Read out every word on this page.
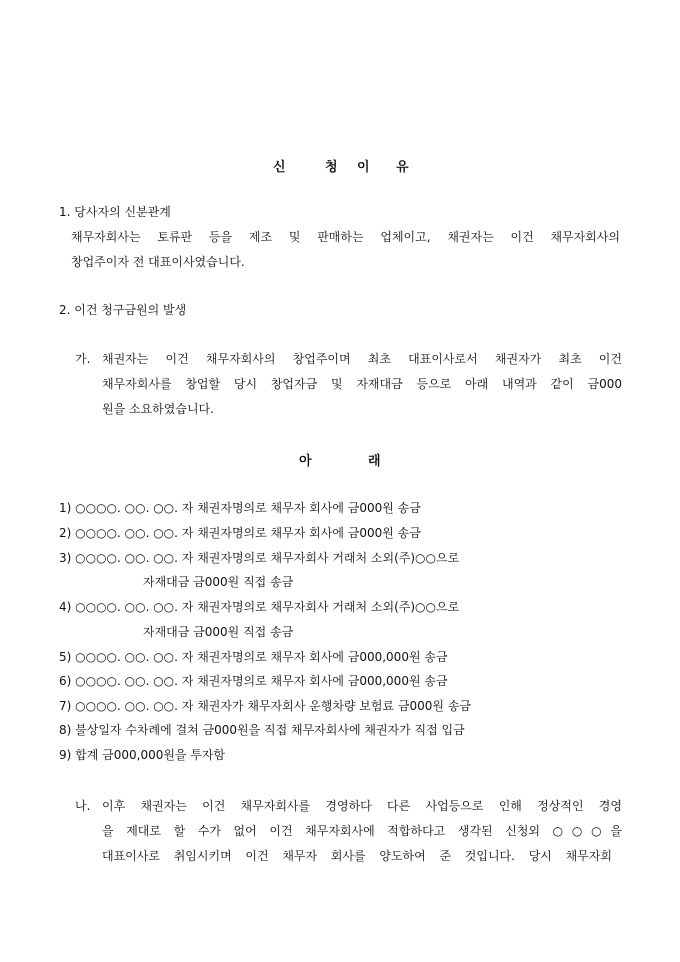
신	청 이 유
1. 당사자의 신분관계
채무자회사는 토류판 등을 제조 및 판매하는 업체이고, 채권자는 이건 채무자회사의
창업주이자 전 대표이사였습니다.
2. 이건 청구금원의 발생
가. 채권자는 이건 채무자회사의 창업주이며 최초 대표이사로서 채권자가 최초 이건
채무자회사를 창업할 당시 창업자금 및 자재대금 등으로 아래 내역과 같이 금000
원을 소요하였습니다.
아	래
1) ○○○○. ○○. ○○. 자 채권자명의로 채무자 회사에 금000원 송금
2) ○○○○. ○○. ○○. 자 채권자명의로 채무자 회사에 금000원 송금
3) ○○○○. ○○. ○○. 자 채권자명의로 채무자회사 거래처 소외(주)○○으로
자재대금 금000원 직접 송금
4) ○○○○. ○○. ○○. 자 채권자명의로 채무자회사 거래처 소외(주)○○으로
자재대금 금000원 직접 송금
5) ○○○○. ○○. ○○. 자 채권자명의로 채무자 회사에 금000,000원 송금
6) ○○○○. ○○. ○○. 자 채권자명의로 채무자 회사에 금000,000원 송금
7) ○○○○. ○○. ○○. 자 채권자가 채무자회사 운행차량 보험료 금000원 송금
8) 불상일자 수차례에 걸쳐 금000원을 직접 채무자회사에 채권자가 직접 입금
9) 합계 금000,000원을 투자함
나. 이후 채권자는 이건 채무자회사를 경영하다 다른 사업등으로 인해 정상적인 경영
을 제대로 할 수가 없어 이건 채무자회사에 적합하다고 생각된 신청외 ○○○을
대표이사로 취임시키며 이건 채무자 회사를 양도하여 준 것입니다. 당시 채무자회
